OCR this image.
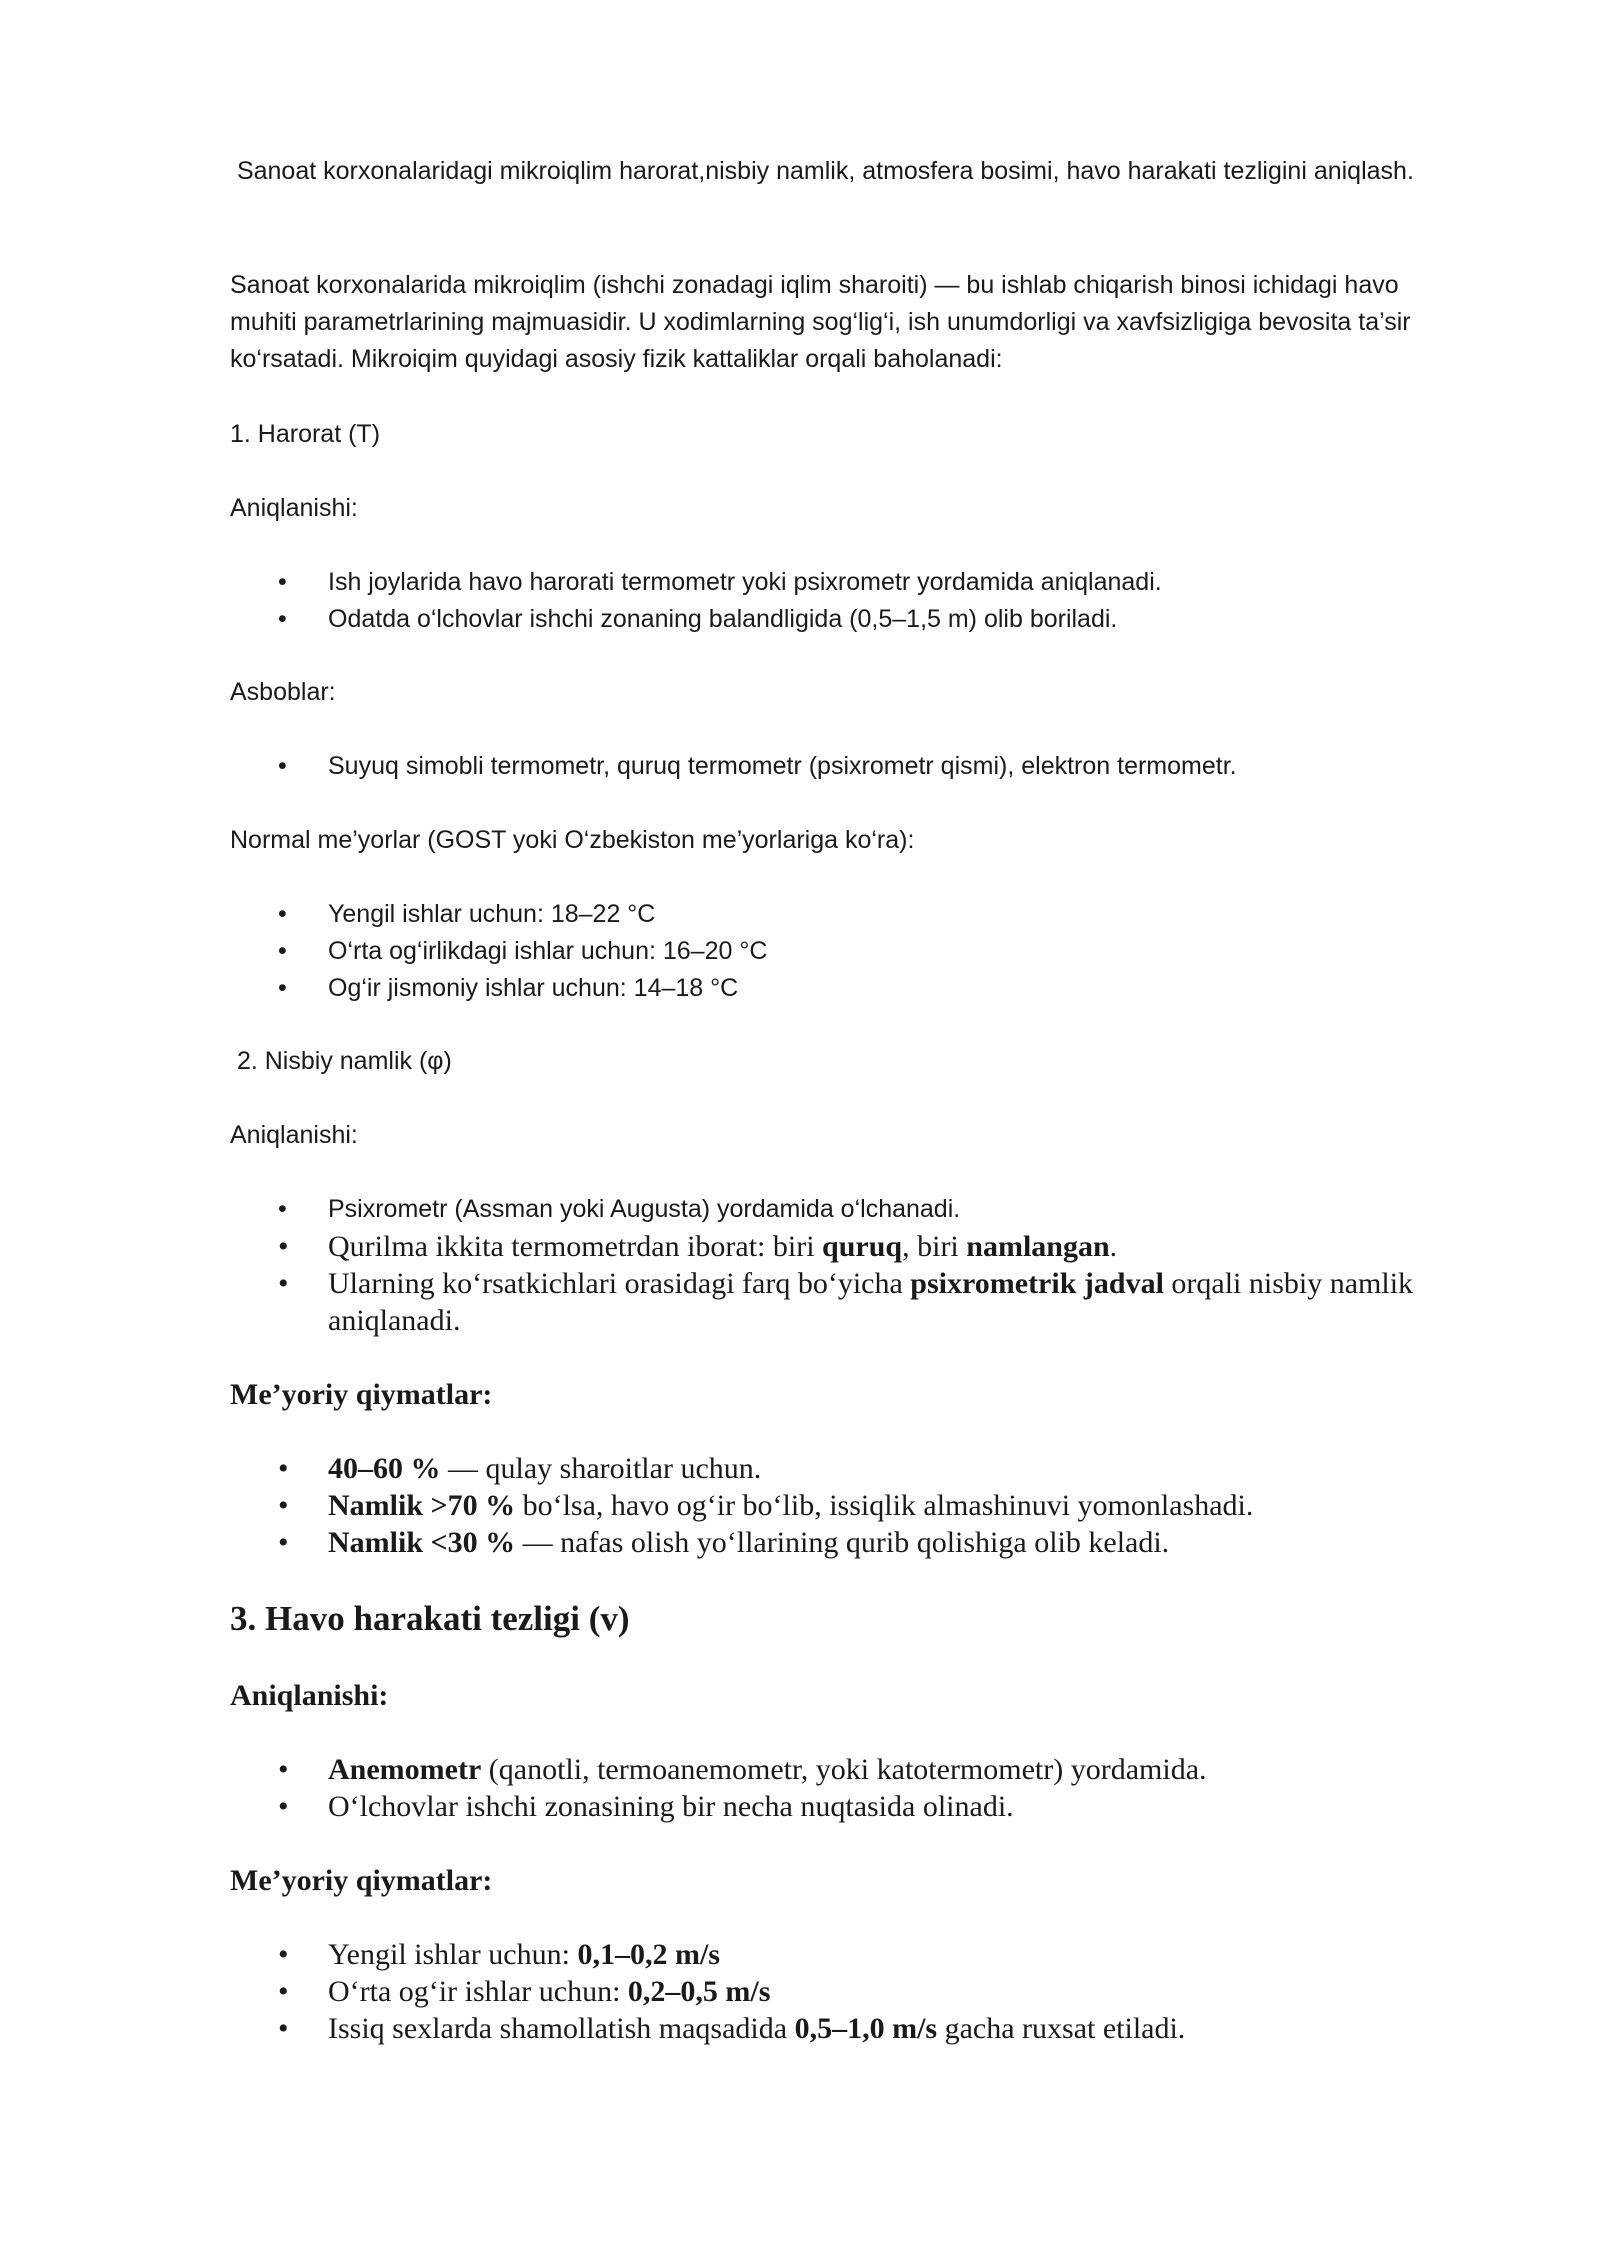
Sanoat korxonalaridagi mikroiqlim harorat,nisbiy namlik, atmosfera bosimi, havo harakati tezligini aniqlash.

Sanoat korxonalarida mikroiqlim (ishchi zonadagi iqlim sharoiti) — bu ishlab chiqarish binosi ichidagi havo muhiti parametrlarining majmuasidir. U xodimlarning sog‘lig‘i, ish unumdorligi va xavfsizligiga bevosita ta’sir ko‘rsatadi. Mikroiqim quyidagi asosiy fizik kattaliklar orqali baholanadi:

1. Harorat (T)

Aniqlanishi:

• Ish joylarida havo harorati termometr yoki psixrometr yordamida aniqlanadi.
• Odatda o‘lchovlar ishchi zonaning balandligida (0,5–1,5 m) olib boriladi.

Asboblar:

• Suyuq simobli termometr, quruq termometr (psixrometr qismi), elektron termometr.

Normal me’yorlar (GOST yoki O‘zbekiston me’yorlariga ko‘ra):

• Yengil ishlar uchun: 18–22 °C
• O‘rta og‘irlikdagi ishlar uchun: 16–20 °C
• Og‘ir jismoniy ishlar uchun: 14–18 °C

2. Nisbiy namlik (φ)

Aniqlanishi:

• Psixrometr (Assman yoki Augusta) yordamida o‘lchanadi.
• Qurilma ikkita termometrdan iborat: biri quruq, biri namlangan.
• Ularning ko‘rsatkichlari orasidagi farq bo‘yicha psixrometrik jadval orqali nisbiy namlik aniqlanadi.

Me’yoriy qiymatlar:

• 40–60 % — qulay sharoitlar uchun.
• Namlik >70 % bo‘lsa, havo og‘ir bo‘lib, issiqlik almashinuvi yomonlashadi.
• Namlik <30 % — nafas olish yo‘llarining qurib qolishiga olib keladi.

3. Havo harakati tezligi (v)

Aniqlanishi:

• Anemometr (qanotli, termoanemometr, yoki katotermometr) yordamida.
• O‘lchovlar ishchi zonasining bir necha nuqtasida olinadi.

Me’yoriy qiymatlar:

• Yengil ishlar uchun: 0,1–0,2 m/s
• O‘rta og‘ir ishlar uchun: 0,2–0,5 m/s
• Issiq sexlarda shamollatish maqsadida 0,5–1,0 m/s gacha ruxsat etiladi.
